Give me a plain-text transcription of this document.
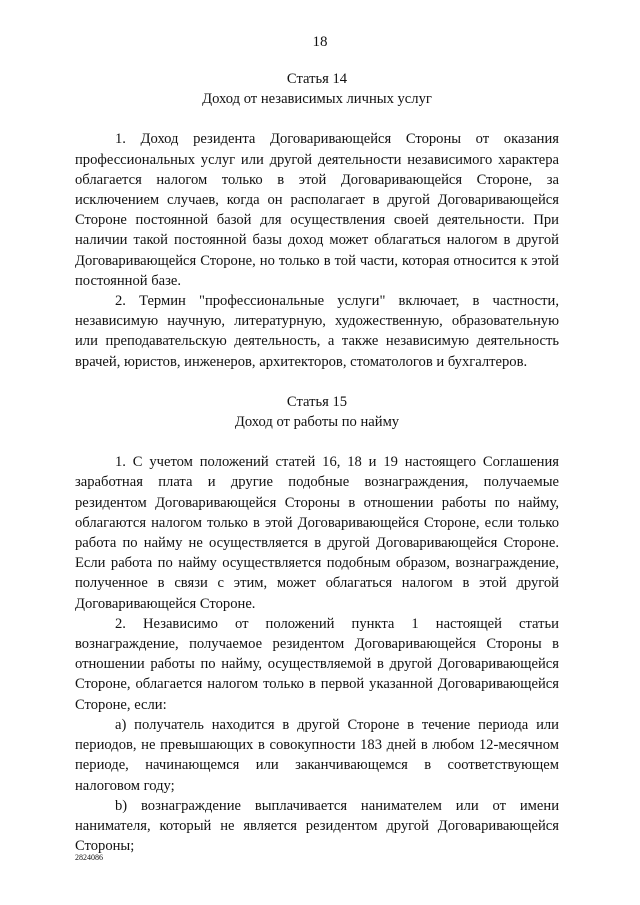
18
Статья 14
Доход от независимых личных услуг

1. Доход резидента Договаривающейся Стороны от оказания профессиональных услуг или другой деятельности независимого характера облагается налогом только в этой Договаривающейся Стороне, за исключением случаев, когда он располагает в другой Договаривающейся Стороне постоянной базой для осуществления своей деятельности. При наличии такой постоянной базы доход может облагаться налогом в другой Договаривающейся Стороне, но только в той части, которая относится к этой постоянной базе.

2. Термин "профессиональные услуги" включает, в частности, независимую научную, литературную, художественную, образовательную или преподавательскую деятельность, а также независимую деятельность врачей, юристов, инженеров, архитекторов, стоматологов и бухгалтеров.

Статья 15
Доход от работы по найму

1. С учетом положений статей 16, 18 и 19 настоящего Соглашения заработная плата и другие подобные вознаграждения, получаемые резидентом Договаривающейся Стороны в отношении работы по найму, облагаются налогом только в этой Договаривающейся Стороне, если только работа по найму не осуществляется в другой Договаривающейся Стороне. Если работа по найму осуществляется подобным образом, вознаграждение, полученное в связи с этим, может облагаться налогом в этой другой Договаривающейся Стороне.

2. Независимо от положений пункта 1 настоящей статьи вознаграждение, получаемое резидентом Договаривающейся Стороны в отношении работы по найму, осуществляемой в другой Договаривающейся Стороне, облагается налогом только в первой указанной Договаривающейся Стороне, если:

a) получатель находится в другой Стороне в течение периода или периодов, не превышающих в совокупности 183 дней в любом 12-месячном периоде, начинающемся или заканчивающемся в соответствующем налоговом году;

b) вознаграждение выплачивается нанимателем или от имени нанимателя, который не является резидентом другой Договаривающейся Стороны;

2824086
